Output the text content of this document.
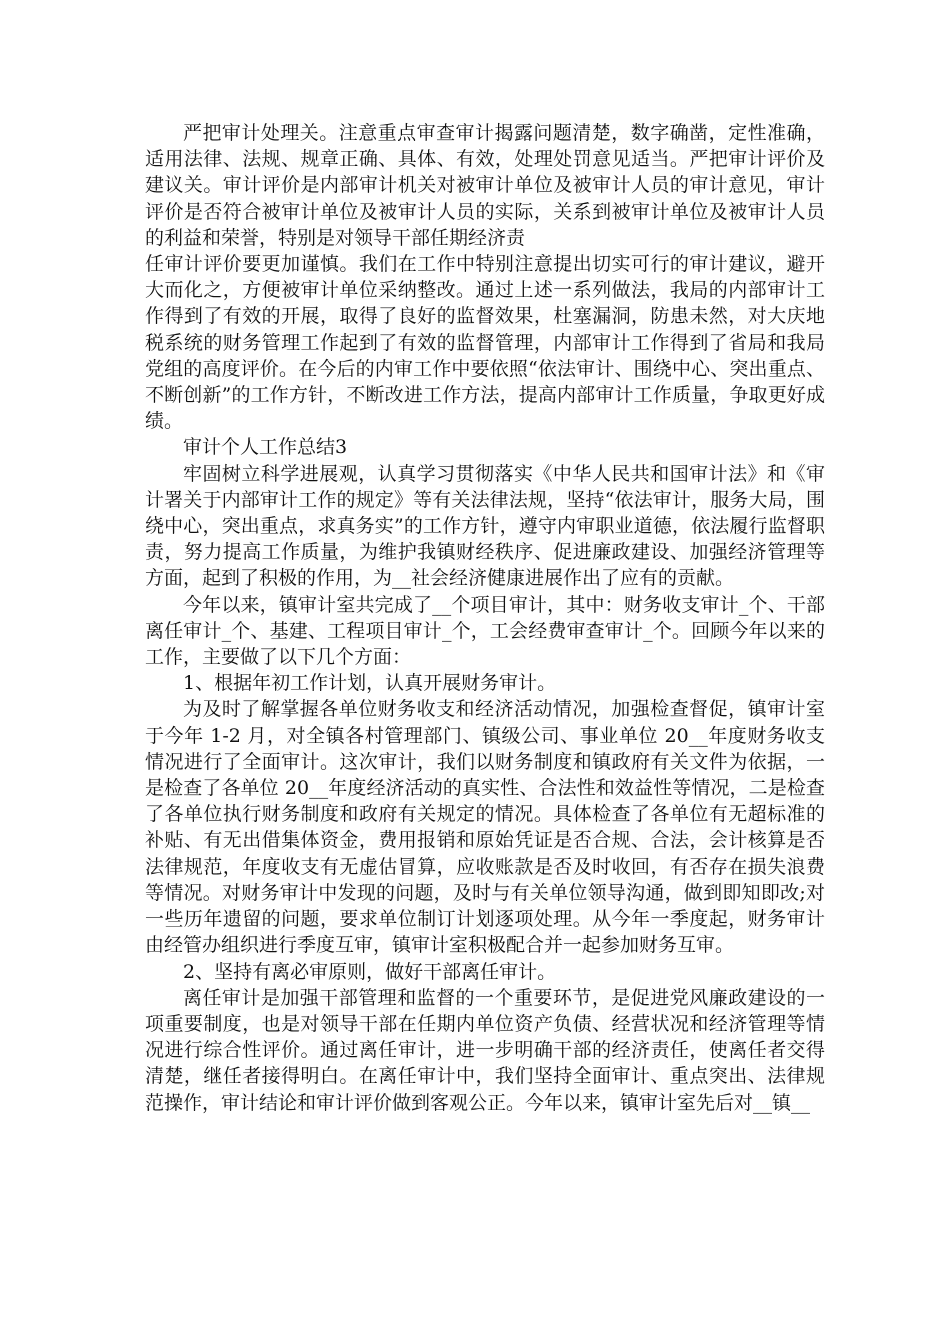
严把审计处理关。注意重点审查审计揭露问题清楚，数字确凿，定性准确，适用法律、法规、规章正确、具体、有效，处理处罚意见适当。严把审计评价及建议关。审计评价是内部审计机关对被审计单位及被审计人员的审计意见，审计评价是否符合被审计单位及被审计人员的实际，关系到被审计单位及被审计人员的利益和荣誉，特别是对领导干部任期经济责

任审计评价要更加谨慎。我们在工作中特别注意提出切实可行的审计建议，避开大而化之，方便被审计单位采纳整改。通过上述一系列做法，我局的内部审计工作得到了有效的开展，取得了良好的监督效果，杜塞漏洞，防患未然，对大庆地税系统的财务管理工作起到了有效的监督管理，内部审计工作得到了省局和我局党组的高度评价。在今后的内审工作中要依照“依法审计、围绕中心、突出重点、不断创新”的工作方针，不断改进工作方法，提高内部审计工作质量，争取更好成绩。

审计个人工作总结3

牢固树立科学进展观，认真学习贯彻落实《中华人民共和国审计法》和《审计署关于内部审计工作的规定》等有关法律法规，坚持“依法审计，服务大局，围绕中心，突出重点，求真务实”的工作方针，遵守内审职业道德，依法履行监督职责，努力提高工作质量，为维护我镇财经秩序、促进廉政建设、加强经济管理等方面，起到了积极的作用，为__社会经济健康进展作出了应有的贡献。

今年以来，镇审计室共完成了__个项目审计，其中：财务收支审计_个、干部离任审计_个、基建、工程项目审计_个，工会经费审查审计_个。回顾今年以来的工作，主要做了以下几个方面：

1、根据年初工作计划，认真开展财务审计。

为及时了解掌握各单位财务收支和经济活动情况，加强检查督促，镇审计室于今年 1-2 月，对全镇各村管理部门、镇级公司、事业单位 20__年度财务收支情况进行了全面审计。这次审计，我们以财务制度和镇政府有关文件为依据，一是检查了各单位 20__年度经济活动的真实性、合法性和效益性等情况，二是检查了各单位执行财务制度和政府有关规定的情况。具体检查了各单位有无超标准的补贴、有无出借集体资金，费用报销和原始凭证是否合规、合法，会计核算是否法律规范，年度收支有无虚估冒算，应收账款是否及时收回，有否存在损失浪费等情况。对财务审计中发现的问题，及时与有关单位领导沟通，做到即知即改;对一些历年遗留的问题，要求单位制订计划逐项处理。从今年一季度起，财务审计由经管办组织进行季度互审，镇审计室积极配合并一起参加财务互审。

2、坚持有离必审原则，做好干部离任审计。

离任审计是加强干部管理和监督的一个重要环节，是促进党风廉政建设的一项重要制度，也是对领导干部在任期内单位资产负债、经营状况和经济管理等情况进行综合性评价。通过离任审计，进一步明确干部的经济责任，使离任者交得清楚，继任者接得明白。在离任审计中，我们坚持全面审计、重点突出、法律规范操作，审计结论和审计评价做到客观公正。今年以来，镇审计室先后对__镇__
